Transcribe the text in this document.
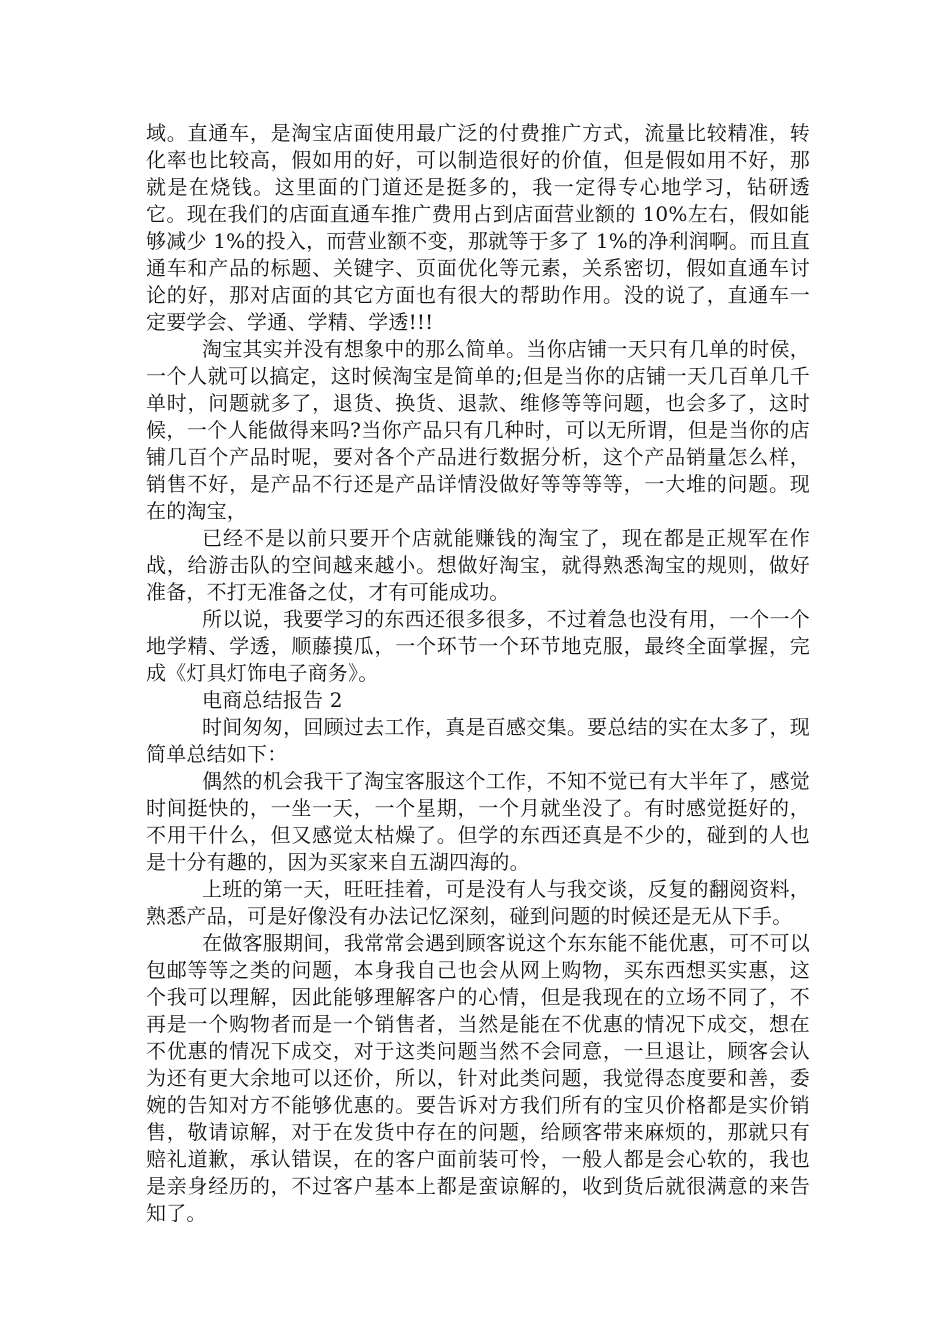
域。直通车，是淘宝店面使用最广泛的付费推广方式，流量比较精准，转化率也比较高，假如用的好，可以制造很好的价值，但是假如用不好，那就是在烧钱。这里面的门道还是挺多的，我一定得专心地学习，钻研透它。现在我们的店面直通车推广费用占到店面营业额的 10%左右，假如能够减少 1%的投入，而营业额不变，那就等于多了 1%的净利润啊。而且直通车和产品的标题、关键字、页面优化等元素，关系密切，假如直通车讨论的好，那对店面的其它方面也有很大的帮助作用。没的说了，直通车一定要学会、学通、学精、学透!!!

淘宝其实并没有想象中的那么简单。当你店铺一天只有几单的时侯，一个人就可以搞定，这时候淘宝是简单的;但是当你的店铺一天几百单几千单时，问题就多了，退货、换货、退款、维修等等问题，也会多了，这时候，一个人能做得来吗?当你产品只有几种时，可以无所谓，但是当你的店铺几百个产品时呢，要对各个产品进行数据分析，这个产品销量怎么样，销售不好，是产品不行还是产品详情没做好等等等等，一大堆的问题。现在的淘宝，

已经不是以前只要开个店就能赚钱的淘宝了，现在都是正规军在作战，给游击队的空间越来越小。想做好淘宝，就得熟悉淘宝的规则，做好准备，不打无准备之仗，才有可能成功。

所以说，我要学习的东西还很多很多，不过着急也没有用，一个一个地学精、学透，顺藤摸瓜，一个环节一个环节地克服，最终全面掌握，完成《灯具灯饰电子商务》。

电商总结报告 2

时间匆匆，回顾过去工作，真是百感交集。要总结的实在太多了，现简单总结如下：

偶然的机会我干了淘宝客服这个工作，不知不觉已有大半年了，感觉时间挺快的，一坐一天，一个星期，一个月就坐没了。有时感觉挺好的，不用干什么，但又感觉太枯燥了。但学的东西还真是不少的，碰到的人也是十分有趣的，因为买家来自五湖四海的。

上班的第一天，旺旺挂着，可是没有人与我交谈，反复的翻阅资料，熟悉产品，可是好像没有办法记忆深刻，碰到问题的时候还是无从下手。

在做客服期间，我常常会遇到顾客说这个东东能不能优惠，可不可以包邮等等之类的问题，本身我自己也会从网上购物，买东西想买实惠，这个我可以理解，因此能够理解客户的心情，但是我现在的立场不同了，不再是一个购物者而是一个销售者，当然是能在不优惠的情况下成交，想在不优惠的情况下成交，对于这类问题当然不会同意，一旦退让，顾客会认为还有更大余地可以还价，所以，针对此类问题，我觉得态度要和善，委婉的告知对方不能够优惠的。要告诉对方我们所有的宝贝价格都是实价销售，敬请谅解，对于在发货中存在的问题，给顾客带来麻烦的，那就只有赔礼道歉，承认错误，在的客户面前装可怜，一般人都是会心软的，我也是亲身经历的，不过客户基本上都是蛮谅解的，收到货后就很满意的来告知了。
